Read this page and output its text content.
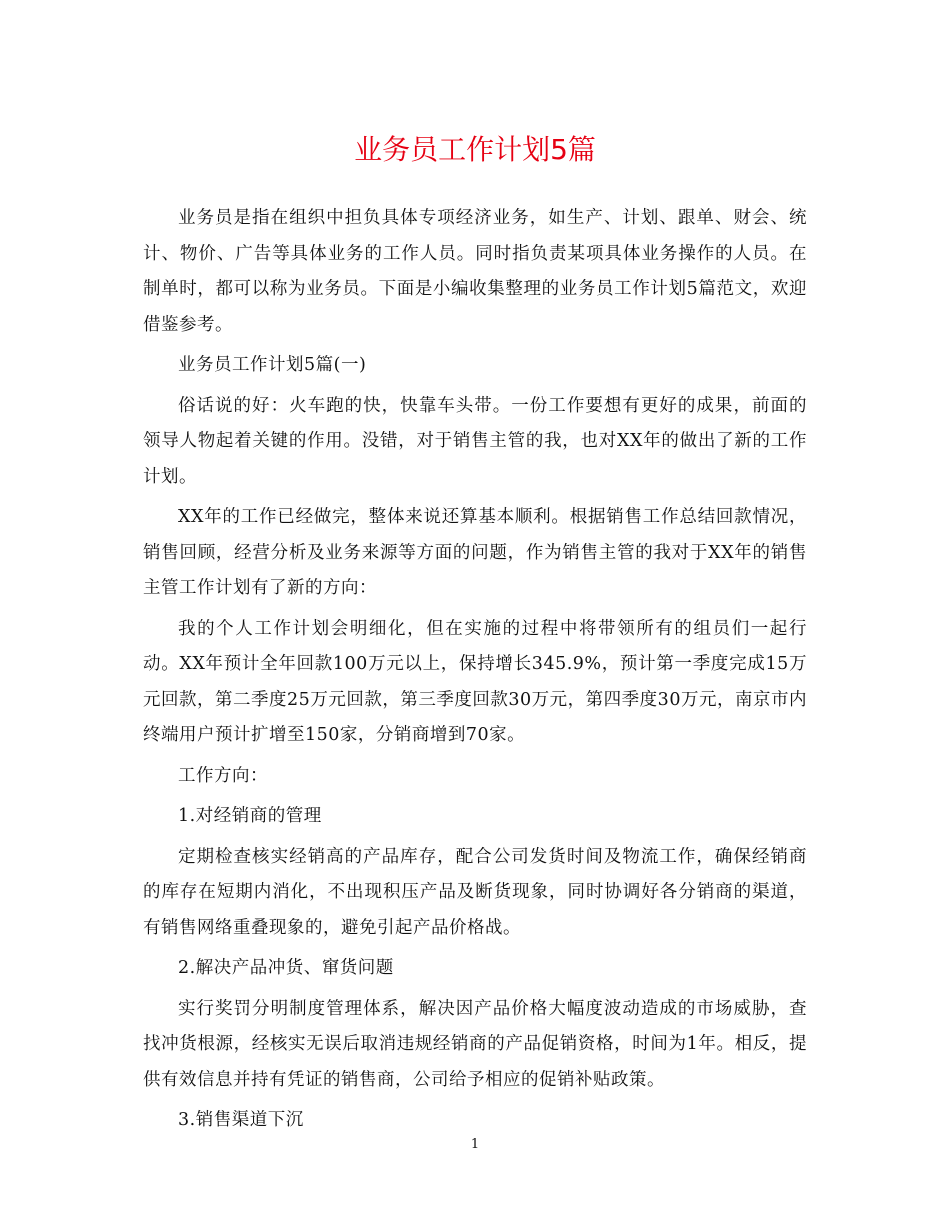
业务员工作计划5篇

业务员是指在组织中担负具体专项经济业务，如生产、计划、跟单、财会、统计、物价、广告等具体业务的工作人员。同时指负责某项具体业务操作的人员。在制单时，都可以称为业务员。下面是小编收集整理的业务员工作计划5篇范文，欢迎借鉴参考。

业务员工作计划5篇(一)

俗话说的好：火车跑的快，快靠车头带。一份工作要想有更好的成果，前面的领导人物起着关键的作用。没错，对于销售主管的我，也对XX年的做出了新的工作计划。

XX年的工作已经做完，整体来说还算基本顺利。根据销售工作总结回款情况，销售回顾，经营分析及业务来源等方面的问题，作为销售主管的我对于XX年的销售主管工作计划有了新的方向：

我的个人工作计划会明细化，但在实施的过程中将带领所有的组员们一起行动。XX年预计全年回款100万元以上，保持增长345.9%，预计第一季度完成15万元回款，第二季度25万元回款，第三季度回款30万元，第四季度30万元，南京市内终端用户预计扩增至150家，分销商增到70家。

工作方向：

1.对经销商的管理

定期检查核实经销高的产品库存，配合公司发货时间及物流工作，确保经销商的库存在短期内消化，不出现积压产品及断货现象，同时协调好各分销商的渠道，有销售网络重叠现象的，避免引起产品价格战。

2.解决产品冲货、窜货问题

实行奖罚分明制度管理体系，解决因产品价格大幅度波动造成的市场威胁，查找冲货根源，经核实无误后取消违规经销商的产品促销资格，时间为1年。相反，提供有效信息并持有凭证的销售商，公司给予相应的促销补贴政策。

3.销售渠道下沉

1
